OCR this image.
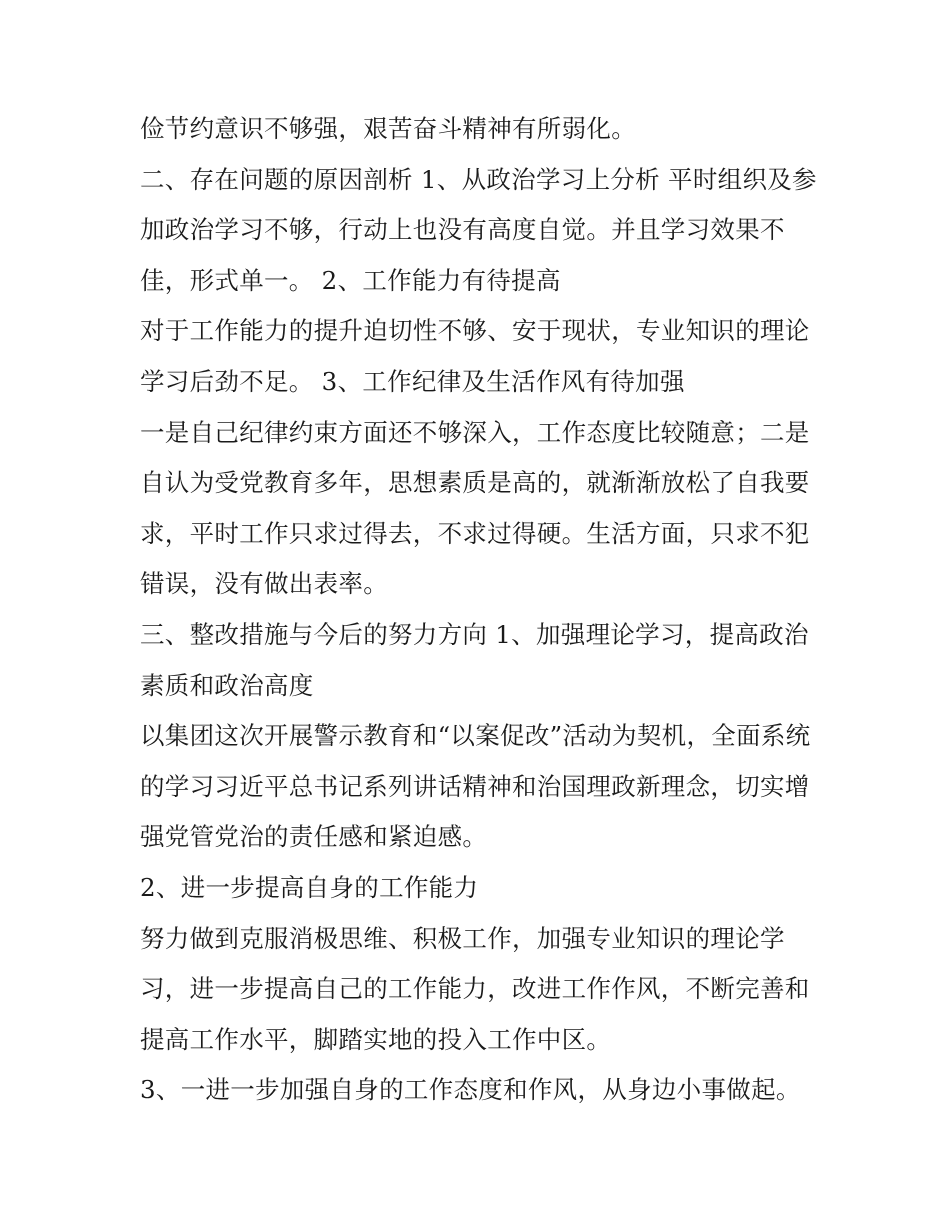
俭节约意识不够强，艰苦奋斗精神有所弱化。
二、存在问题的原因剖析 1、从政治学习上分析 平时组织及参
加政治学习不够，行动上也没有高度自觉。并且学习效果不
佳，形式单一。 2、工作能力有待提高
对于工作能力的提升迫切性不够、安于现状，专业知识的理论
学习后劲不足。 3、工作纪律及生活作风有待加强
一是自己纪律约束方面还不够深入，工作态度比较随意；二是
自认为受党教育多年，思想素质是高的，就渐渐放松了自我要
求，平时工作只求过得去，不求过得硬。生活方面，只求不犯
错误，没有做出表率。
三、整改措施与今后的努力方向 1、加强理论学习，提高政治
素质和政治高度
以集团这次开展警示教育和“以案促改”活动为契机，全面系统
的学习习近平总书记系列讲话精神和治国理政新理念，切实增
强党管党治的责任感和紧迫感。
2、进一步提高自身的工作能力
努力做到克服消极思维、积极工作，加强专业知识的理论学
习，进一步提高自己的工作能力，改进工作作风，不断完善和
提高工作水平，脚踏实地的投入工作中区。
3、一进一步加强自身的工作态度和作风，从身边小事做起。
